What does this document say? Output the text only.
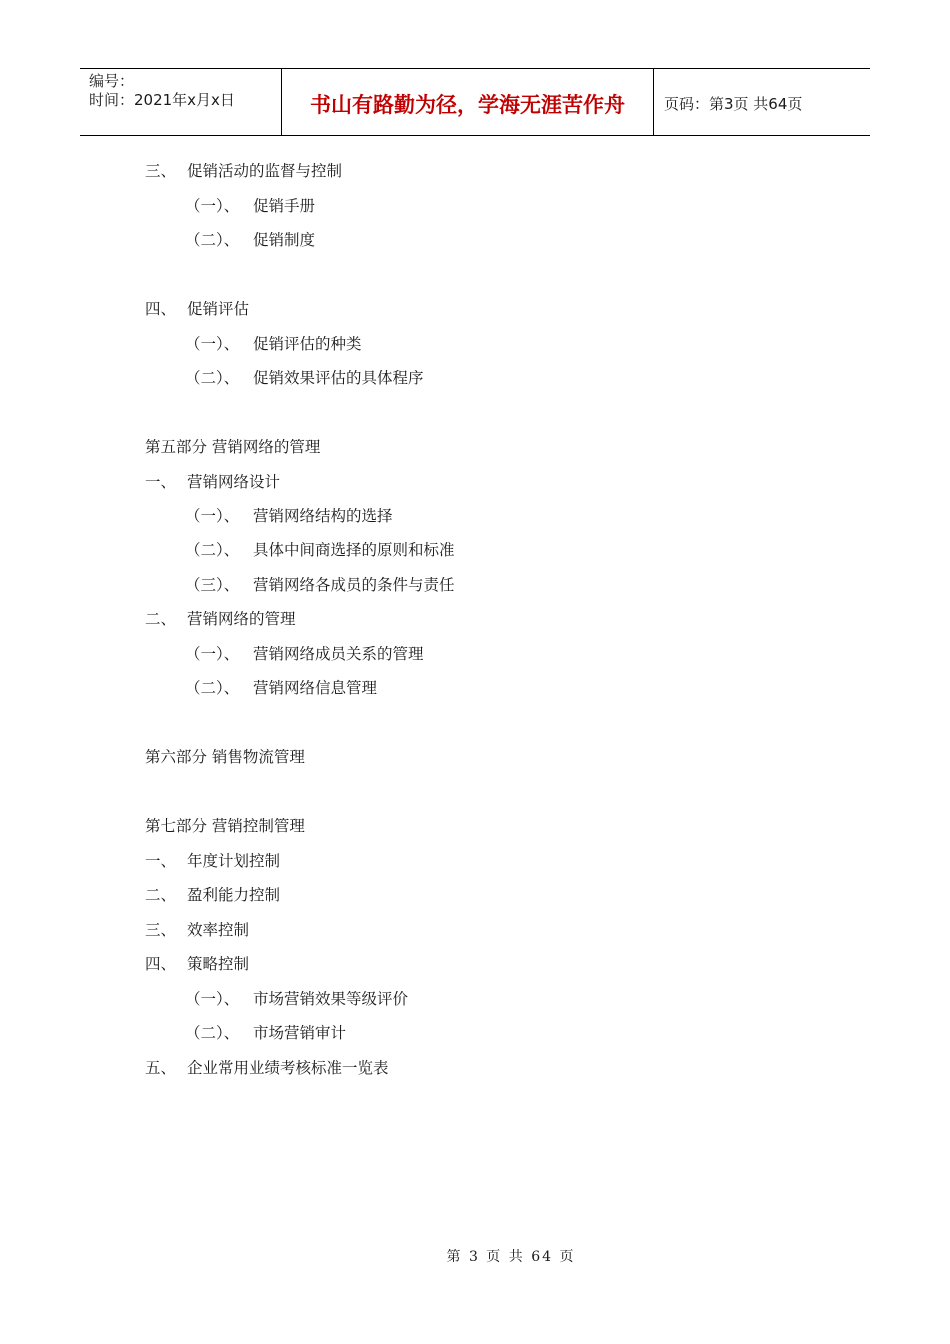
编号：
时间：2021年x月x日	书山有路勤为径，学海无涯苦作舟	页码：第3页 共64页
三、 促销活动的监督与控制
（一）、 促销手册
（二）、 促销制度
四、 促销评估
（一）、 促销评估的种类
（二）、 促销效果评估的具体程序
第五部分 营销网络的管理
一、 营销网络设计
（一）、 营销网络结构的选择
（二）、 具体中间商选择的原则和标准
（三）、 营销网络各成员的条件与责任
二、 营销网络的管理
（一）、 营销网络成员关系的管理
（二）、 营销网络信息管理
第六部分 销售物流管理
第七部分 营销控制管理
一、 年度计划控制
二、 盈利能力控制
三、 效率控制
四、 策略控制
（一）、 市场营销效果等级评价
（二）、 市场营销审计
五、 企业常用业绩考核标准一览表
第 3 页 共 64 页
